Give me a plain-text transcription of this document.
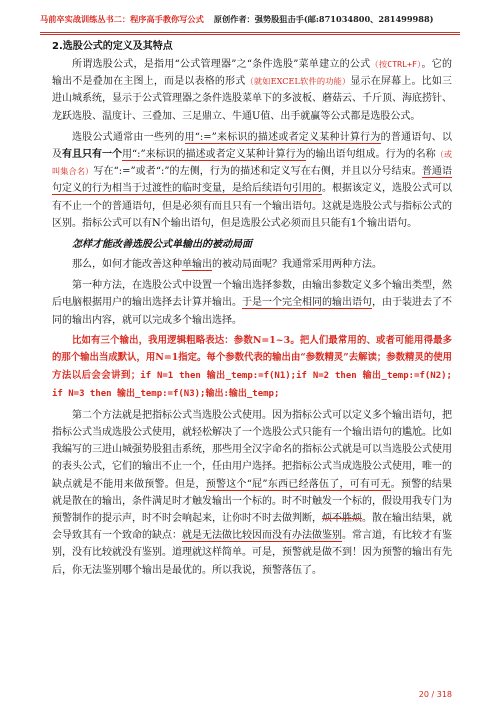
马前卒实战训练丛书二：程序高手教你写公式 原创作者：强势股狙击手(邮:871034800、281499988)

2.选股公式的定义及其特点

所谓选股公式，是指用“公式管理器”之“条件选股”菜单建立的公式（按CTRL+F）。它的输出不是叠加在主图上，而是以表格的形式（就如EXCEL软件的功能）显示在屏幕上。比如三进山城系统，显示于公式管理器之条件选股菜单下的多波板、蘑菇云、千斤顶、海底捞针、龙跃选股、温度计、三叠加、三足鼎立、牛通U值、出手就赢等公式都是选股公式。

选股公式通常由一些列的用“:=”来标识的描述或者定义某种计算行为的普通语句、以及有且只有一个用“:”来标识的描述或者定义某种计算行为的输出语句组成。行为的名称（或叫集合名）写在“:=”或者“:”的左侧，行为的描述和定义写在右侧，并且以分号结束。普通语句定义的行为相当于过渡性的临时变量，是给后续语句引用的。根据该定义，选股公式可以有不止一个的普通语句，但是必须有而且只有一个输出语句。这就是选股公式与指标公式的区别。指标公式可以有N个输出语句，但是选股公式必须而且只能有1个输出语句。

怎样才能改善选股公式单输出的被动局面

那么，如何才能改善这种单输出的被动局面呢？我通常采用两种方法。

第一种方法，在选股公式中设置一个输出选择参数，由输出参数定义多个输出类型，然后电脑根据用户的输出选择去计算并输出。于是一个完全相同的输出语句，由于装进去了不同的输出内容，就可以完成多个输出选择。

比如有三个输出，我用逻辑粗略表达：参数N=1~3。把人们最常用的、或者可能用得最多的那个输出当成默认，用N=1指定。每个参数代表的输出由“参数精灵”去解读；参数精灵的使用方法以后会会讲到；if N=1 then 输出_temp:=f(N1);if N=2 then 输出_temp:=f(N2); if N=3 then 输出_temp:=f(N3);输出:输出_temp;

第二个方法就是把指标公式当选股公式使用。因为指标公式可以定义多个输出语句，把指标公式当成选股公式使用，就轻松解决了一个选股公式只能有一个输出语句的尴尬。比如我编写的三进山城强势股狙击系统，那些用全汉字命名的指标公式就是可以当选股公式使用的表头公式，它们的输出不止一个，任由用户选择。把指标公式当成选股公式使用，唯一的缺点就是不能用来做预警。但是，预警这个“屁”东西已经落伍了，可有可无。预警的结果就是散在的输出，条件满足时才触发输出一个标的。时不时触发一个标的，假设用我专门为预警制作的提示声，时不时会响起来，让你时不时去做判断，烦不胜烦。散在输出结果，就会导致其有一个致命的缺点：就是无法做比较因而没有办法做鉴别。常言道，有比较才有鉴别，没有比较就没有鉴别。道理就这样简单。可是，预警就是做不到！因为预警的输出有先后，你无法鉴别哪个输出是最优的。所以我说，预警落伍了。

20 / 318
